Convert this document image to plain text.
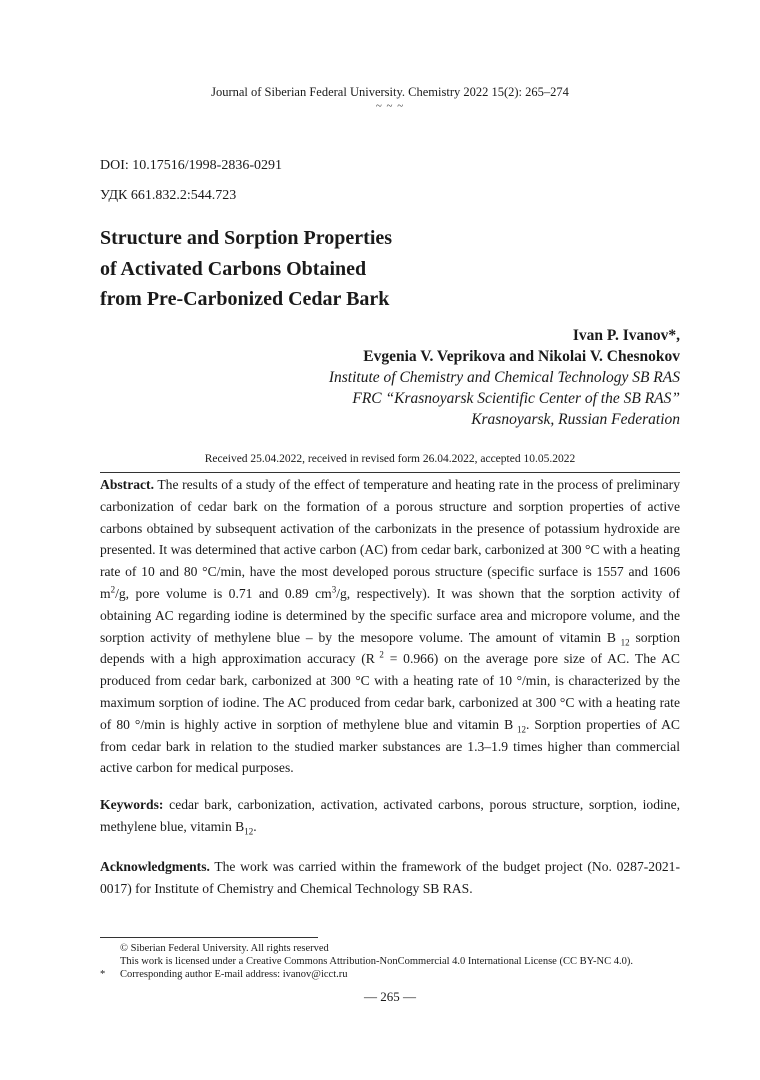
Journal of Siberian Federal University. Chemistry 2022 15(2): 265–274
~ ~ ~
DOI: 10.17516/1998-2836-0291
УДК 661.832.2:544.723
Structure and Sorption Properties
of Activated Carbons Obtained
from Pre-Carbonized Cedar Bark
Ivan P. Ivanov*,
Evgenia V. Veprikova and Nikolai V. Chesnokov
Institute of Chemistry and Chemical Technology SB RAS
FRC “Krasnoyarsk Scientific Center of the SB RAS”
Krasnoyarsk, Russian Federation
Received 25.04.2022, received in revised form 26.04.2022, accepted 10.05.2022
Abstract. The results of a study of the effect of temperature and heating rate in the process of preliminary carbonization of cedar bark on the formation of a porous structure and sorption properties of active carbons obtained by subsequent activation of the carbonizats in the presence of potassium hydroxide are presented. It was determined that active carbon (AC) from cedar bark, carbonized at 300 °C with a heating rate of 10 and 80 °C/min, have the most developed porous structure (specific surface is 1557 and 1606 $m^2/g$, pore volume is 0.71 and 0.89 $cm^3/g$, respectively). It was shown that the sorption activity of obtaining AC regarding iodine is determined by the specific surface area and micropore volume, and the sorption activity of methylene blue – by the mesopore volume. The amount of vitamin B $_{12}$ sorption depends with a high approximation accuracy (R $^2$ = 0.966) on the average pore size of AC. The AC produced from cedar bark, carbonized at 300 °C with a heating rate of 10 °/min, is characterized by the maximum sorption of iodine. The AC produced from cedar bark, carbonized at 300 °C with a heating rate of 80 °/min is highly active in sorption of methylene blue and vitamin B $_{12}$. Sorption properties of AC from cedar bark in relation to the studied marker substances are 1.3–1.9 times higher than commercial active carbon for medical purposes.
Keywords: cedar bark, carbonization, activation, activated carbons, porous structure, sorption, iodine, methylene blue, vitamin $B_{12}$.
Acknowledgments. The work was carried within the framework of the budget project (No. 0287-2021-0017) for Institute of Chemistry and Chemical Technology SB RAS.
© Siberian Federal University. All rights reserved
This work is licensed under a Creative Commons Attribution-NonCommercial 4.0 International License (CC BY-NC 4.0).
* Corresponding author E-mail address: ivanov@icct.ru
— 265 —
